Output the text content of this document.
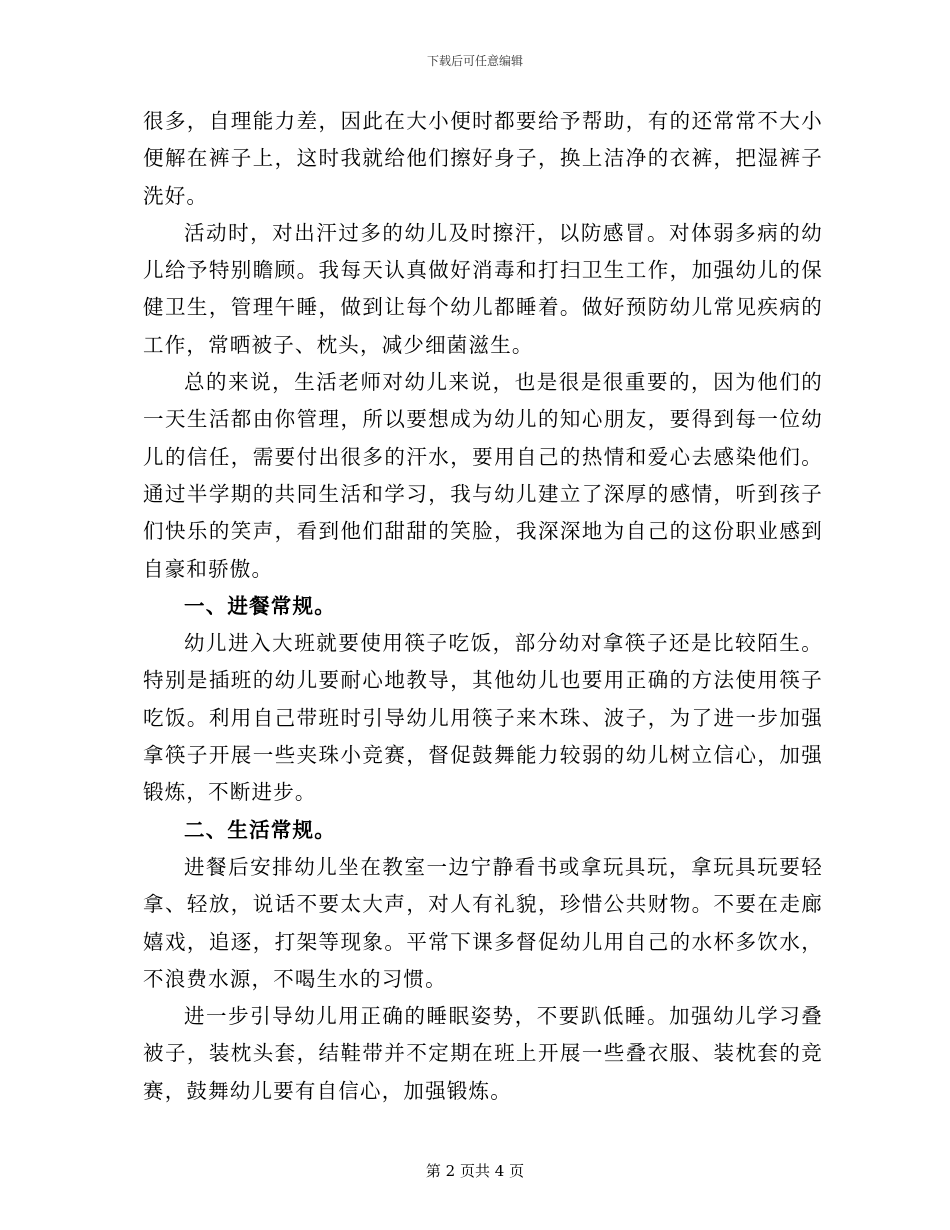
下载后可任意编辑

很多，自理能力差，因此在大小便时都要给予帮助，有的还常常不大小便解在裤子上，这时我就给他们擦好身子，换上洁净的衣裤，把湿裤子洗好。

活动时，对出汗过多的幼儿及时擦汗，以防感冒。对体弱多病的幼儿给予特别瞻顾。我每天认真做好消毒和打扫卫生工作，加强幼儿的保健卫生，管理午睡，做到让每个幼儿都睡着。做好预防幼儿常见疾病的工作，常晒被子、枕头，减少细菌滋生。

总的来说，生活老师对幼儿来说，也是很是很重要的，因为他们的一天生活都由你管理，所以要想成为幼儿的知心朋友，要得到每一位幼儿的信任，需要付出很多的汗水，要用自己的热情和爱心去感染他们。通过半学期的共同生活和学习，我与幼儿建立了深厚的感情，听到孩子们快乐的笑声，看到他们甜甜的笑脸，我深深地为自己的这份职业感到自豪和骄傲。

一、进餐常规。

幼儿进入大班就要使用筷子吃饭，部分幼对拿筷子还是比较陌生。特别是插班的幼儿要耐心地教导，其他幼儿也要用正确的方法使用筷子吃饭。利用自己带班时引导幼儿用筷子来木珠、波子，为了进一步加强拿筷子开展一些夹珠小竞赛，督促鼓舞能力较弱的幼儿树立信心，加强锻炼，不断进步。

二、生活常规。

进餐后安排幼儿坐在教室一边宁静看书或拿玩具玩，拿玩具玩要轻拿、轻放，说话不要太大声，对人有礼貌，珍惜公共财物。不要在走廊嬉戏，追逐，打架等现象。平常下课多督促幼儿用自己的水杯多饮水，不浪费水源，不喝生水的习惯。

进一步引导幼儿用正确的睡眠姿势，不要趴低睡。加强幼儿学习叠被子，装枕头套，结鞋带并不定期在班上开展一些叠衣服、装枕套的竞赛，鼓舞幼儿要有自信心，加强锻炼。

第 2 页共 4 页
